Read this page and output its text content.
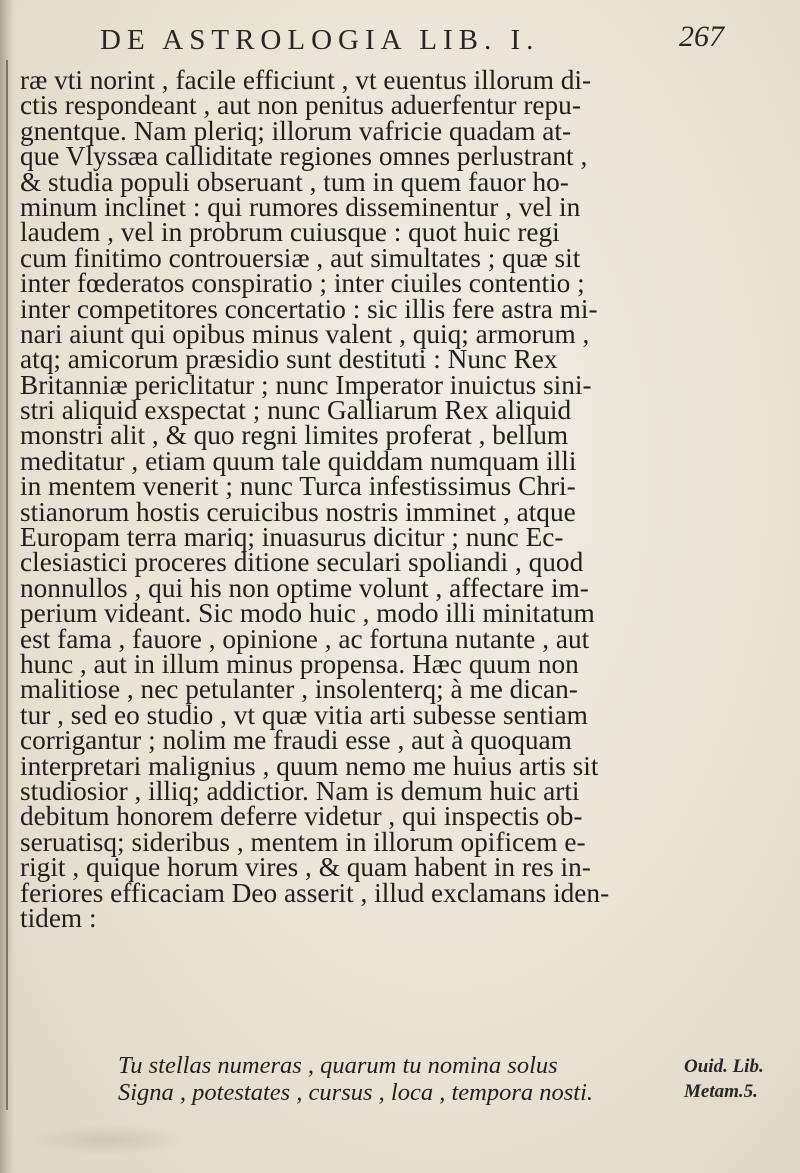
DE ASTROLOGIA LIB. I.	267
ræ vti norint , facile efficiunt , vt euentus illorum di-
ctis respondeant , aut non penitus aduerfentur repu-
gnentque. Nam pleriq; illorum vafricie quadam at-
que Vlyssæa calliditate regiones omnes perlustrant ,
& studia populi obseruant , tum in quem fauor ho-
minum inclinet : qui rumores disseminentur , vel in
laudem , vel in probrum cuiusque : quot huic regi
cum finitimo controuersiæ , aut simultates ; quæ sit
inter fœderatos conspiratio ; inter ciuiles contentio ;
inter competitores concertatio : sic illis fere astra mi-
nari aiunt qui opibus minus valent , quiq; armorum ,
atq; amicorum præsidio sunt destituti : Nunc Rex
Britanniæ periclitatur ; nunc Imperator inuictus sini-
stri aliquid exspectat ; nunc Galliarum Rex aliquid
monstri alit , & quo regni limites proferat , bellum
meditatur , etiam quum tale quiddam numquam illi
in mentem venerit ; nunc Turca infestissimus Chri-
stianorum hostis ceruicibus nostris imminet , atque
Europam terra mariq; inuasurus dicitur ; nunc Ec-
clesiastici proceres ditione seculari spoliandi , quod
nonnullos , qui his non optime volunt , affectare im-
perium videant. Sic modo huic , modo illi minitatum
est fama , fauore , opinione , ac fortuna nutante , aut
hunc , aut in illum minus propensa. Hæc quum non
malitiose , nec petulanter , insolenterq; à me dican-
tur , sed eo studio , vt quæ vitia arti subesse sentiam
corrigantur ; nolim me fraudi esse , aut à quoquam
interpretari malignius , quum nemo me huius artis sit
studiosior , illiq; addictior. Nam is demum huic arti
debitum honorem deferre videtur , qui inspectis ob-
seruatisq; sideribus , mentem in illorum opificem e-
rigit , quique horum vires , & quam habent in res in-
feriores efficaciam Deo asserit , illud exclamans iden-
tidem :
Tu stellas numeras , quarum tu nomina solus
Signa , potestates , cursus , loca , tempora nosti.
Ouid. Lib.
Metam.5.
